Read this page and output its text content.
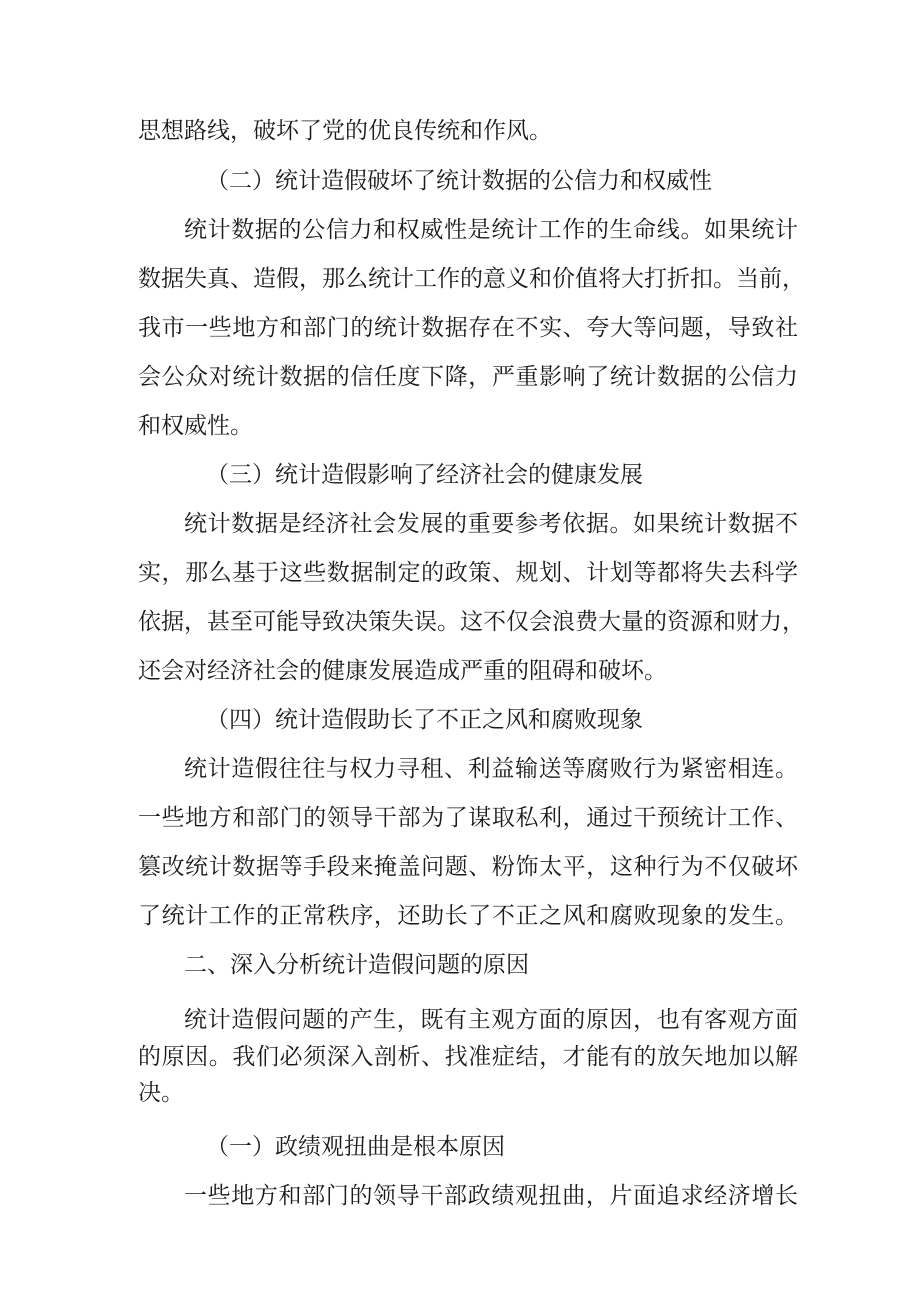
思想路线，破坏了党的优良传统和作风。
（二）统计造假破坏了统计数据的公信力和权威性
统计数据的公信力和权威性是统计工作的生命线。如果统计
数据失真、造假，那么统计工作的意义和价值将大打折扣。当前，
我市一些地方和部门的统计数据存在不实、夸大等问题，导致社
会公众对统计数据的信任度下降，严重影响了统计数据的公信力
和权威性。
（三）统计造假影响了经济社会的健康发展
统计数据是经济社会发展的重要参考依据。如果统计数据不
实，那么基于这些数据制定的政策、规划、计划等都将失去科学
依据，甚至可能导致决策失误。这不仅会浪费大量的资源和财力，
还会对经济社会的健康发展造成严重的阻碍和破坏。
（四）统计造假助长了不正之风和腐败现象
统计造假往往与权力寻租、利益输送等腐败行为紧密相连。
一些地方和部门的领导干部为了谋取私利，通过干预统计工作、
篡改统计数据等手段来掩盖问题、粉饰太平，这种行为不仅破坏
了统计工作的正常秩序，还助长了不正之风和腐败现象的发生。
二、深入分析统计造假问题的原因
统计造假问题的产生，既有主观方面的原因，也有客观方面
的原因。我们必须深入剖析、找准症结，才能有的放矢地加以解
决。
（一）政绩观扭曲是根本原因
一些地方和部门的领导干部政绩观扭曲，片面追求经济增长
